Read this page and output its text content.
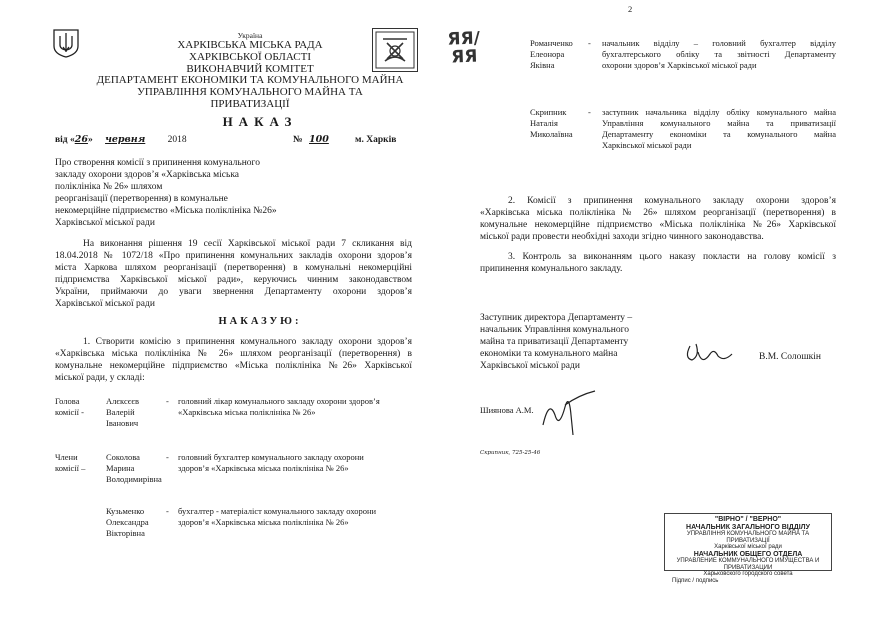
Україна
ХАРКІВСЬКА МІСЬКА РАДА
ХАРКІВСЬКОЇ ОБЛАСТІ
ВИКОНАВЧИЙ КОМІТЕТ
ДЕПАРТАМЕНТ ЕКОНОМІКИ ТА КОМУНАЛЬНОГО МАЙНА
УПРАВЛІННЯ КОМУНАЛЬНОГО МАЙНА ТА
ПРИВАТИЗАЦІЇ
ЯЯ/ ЯЯ
НАКАЗ
від «26» червня 2018	№ 100	м. Харків
Про створення комісії з припинення комунального
закладу охорони здоров’я «Харківська міська
поліклініка № 26» шляхом
реорганізації (перетворення) в комунальне
некомерційне підприємство «Міська поліклініка №26»
Харківської міської ради
На виконання рішення 19 сесії Харківської міської ради 7 скликання від
18.04.2018 № 1072/18 «Про припинення комунальних закладів охорони здоров’я
міста Харкова шляхом реорганізації (перетворення) в комунальні некомерційні
підприємства Харківської міської ради», керуючись чинним законодавством
України, приймаючи до уваги звернення Департаменту охорони здоров’я
Харківської міської ради
НАКАЗУЮ:
1. Створити комісію з припинення комунального закладу охорони здоров’я
«Харківська міська поліклініка № 26» шляхом реорганізації (перетворення) в
комунальне некомерційне підприємство «Міська поліклініка №26» Харківської
міської ради, у складі:
Голова комісії -
Алєксєєв
Валерій
Іванович
- головний лікар комунального закладу охорони здоров’я
«Харківська міська поліклініка № 26»
Члени комісії –
Соколова
Марина
Володимирівна
- головний бухгалтер комунального закладу охорони
здоров’я «Харківська міська поліклініка № 26»
Кузьменко
Олександра
Вікторівна
- бухгалтер - матеріаліст комунального закладу охорони
здоров’я «Харківська міська поліклініка № 26»
2
Романченко
Елеонора
Яківна
- начальник відділу – головний бухгалтер відділу
бухгалтерського обліку та звітності Департаменту
охорони здоров’я Харківської міської ради
Скрипник
Наталія
Миколаївна
- заступник начальника відділу обліку комунального майна
Управління комунального майна та приватизації
Департаменту економіки та комунального майна
Харківської міської ради
2. Комісії з припинення комунального закладу охорони здоров’я
«Харківська міська поліклініка № 26» шляхом реорганізації (перетворення) в
комунальне некомерційне підприємство «Міська поліклініка №26» Харківської
міської ради провести необхідні заходи згідно чинного законодавства.
3. Контроль за виконанням цього наказу покласти на голову комісії з
припинення комунального закладу.
Заступник директора Департаменту –
начальник Управління комунального
майна та приватизації Департаменту
економіки та комунального майна
Харківської міської ради
В.М. Солошкін
Шиянова А.М.
Скрипник, 725-25-46
"ВІРНО" / "ВЕРНО"
НАЧАЛЬНИК ЗАГАЛЬНОГО ВІДДІЛУ
УПРАВЛІННЯ КОМУНАЛЬНОГО МАЙНА ТА ПРИВАТИЗАЦІЇ
Харківської міської ради
НАЧАЛЬНИК ОБЩЕГО ОТДЕЛА
УПРАВЛЕНИЕ КОММУНАЛЬНОГО ИМУЩЕСТВА И ПРИВАТИЗАЦИИ
Харьковского городского совета
Підпис / подпись
